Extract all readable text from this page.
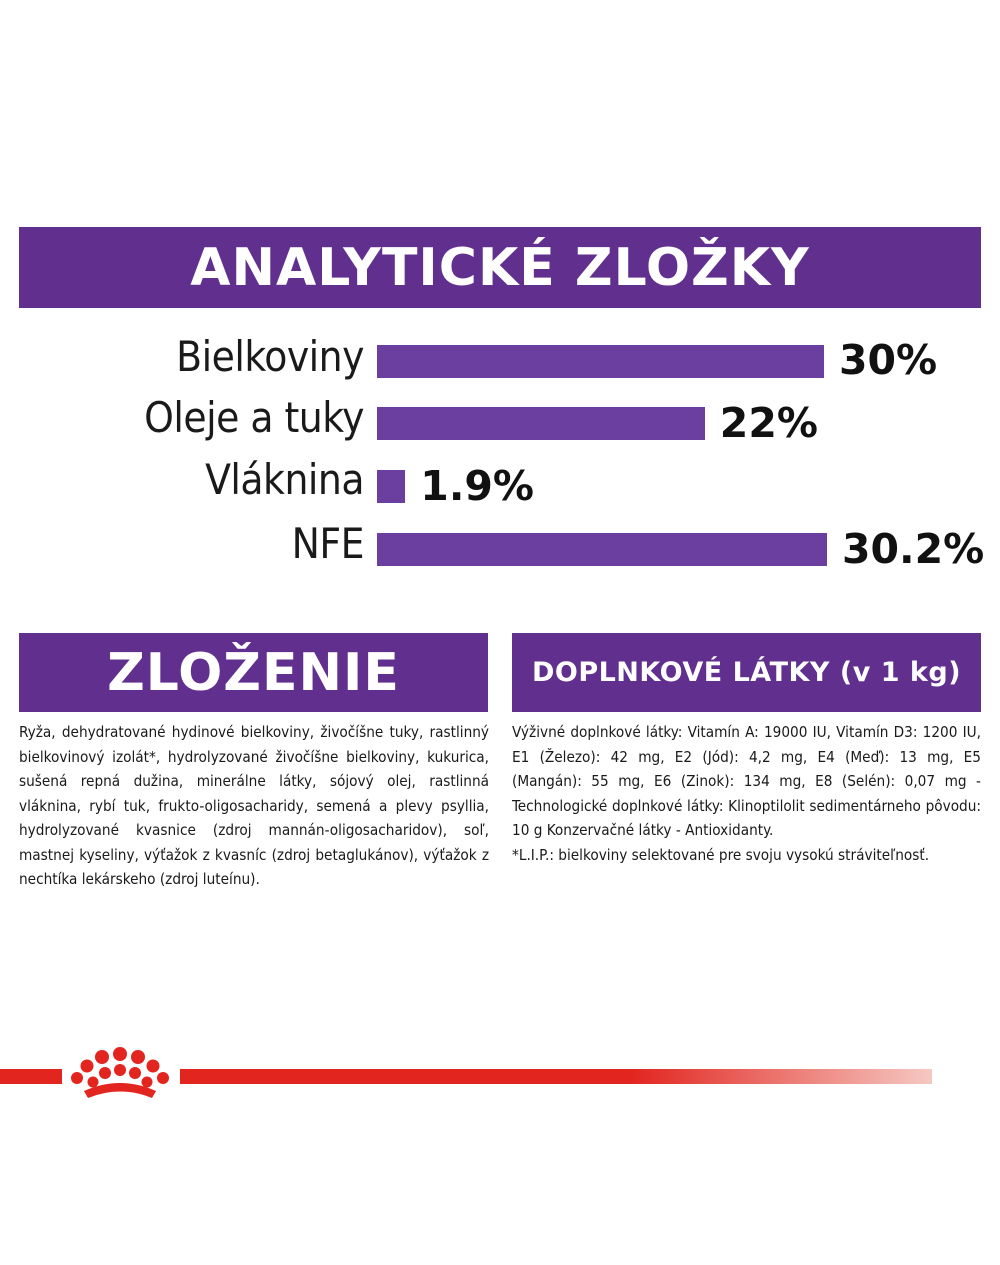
ANALYTICKÉ ZLOŽKY
Bielkoviny	30%
Oleje a tuky	22%
Vláknina 1.9%
NFE	30.2%
ZLOŽENIE	DOPLNKOVÉ LÁTKY (v 1 kg)
Ryža, dehydratované hydinové bielkoviny, živočíšne tuky, rastlinný bielkovinový izolát*, hydrolyzované živočíšne bielkoviny, kukurica, sušená repná dužina, minerálne látky, sójový olej, rastlinná vláknina, rybí tuk, frukto-oligosacharidy, semená a plevy psyllia, hydrolyzované kvasnice (zdroj mannán-oligosacharidov), soľ, mastnej kyseliny, výťažok z kvasníc (zdroj betaglukánov), výťažok z nechtíka lekárskeho (zdroj luteínu).
Výživné doplnkové látky: Vitamín A: 19000 IU, Vitamín D3: 1200 IU, E1 (Železo): 42 mg, E2 (Jód): 4,2 mg, E4 (Meď): 13 mg, E5 (Mangán): 55 mg, E6 (Zinok): 134 mg, E8 (Selén): 0,07 mg - Technologické doplnkové látky: Klinoptilolit sedimentárneho pôvodu: 10 g Konzervačné látky - Antioxidanty.
*L.I.P.: bielkoviny selektované pre svoju vysokú stráviteľnosť.
